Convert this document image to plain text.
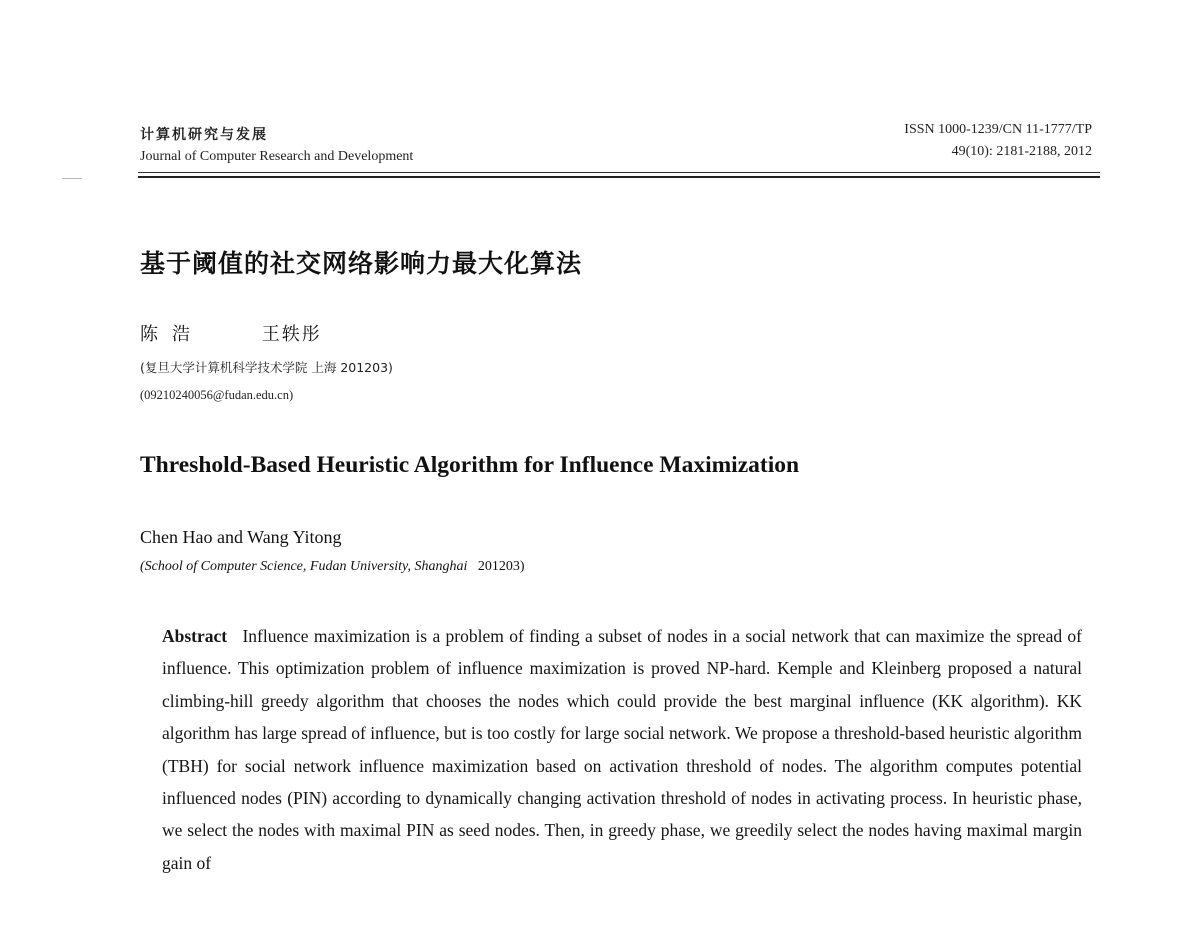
计算机研究与发展
Journal of Computer Research and Development
ISSN 1000-1239/CN 11-1777/TP
49(10): 2181-2188, 2012
基于阈值的社交网络影响力最大化算法
陈浩	王轶彤
(复旦大学计算机科学技术学院 上海 201203)
(09210240056@fudan.edu.cn)
Threshold-Based Heuristic Algorithm for Influence Maximization
Chen Hao and Wang Yitong
(School of Computer Science, Fudan University, Shanghai 201203)
Abstract Influence maximization is a problem of finding a subset of nodes in a social network that can maximize the spread of influence. This optimization problem of influence maximization is proved NP-hard. Kemple and Kleinberg proposed a natural climbing-hill greedy algorithm that chooses the nodes which could provide the best marginal influence (KK algorithm). KK algorithm has large spread of influence, but is too costly for large social network. We propose a threshold-based heuristic algorithm (TBH) for social network influence maximization based on activation threshold of nodes. The algorithm computes potential influenced nodes (PIN) according to dynamically changing activation threshold of nodes in activating process. In heuristic phase, we select the nodes with maximal PIN as seed nodes. Then, in greedy phase, we greedily select the nodes having maximal margin gain of
